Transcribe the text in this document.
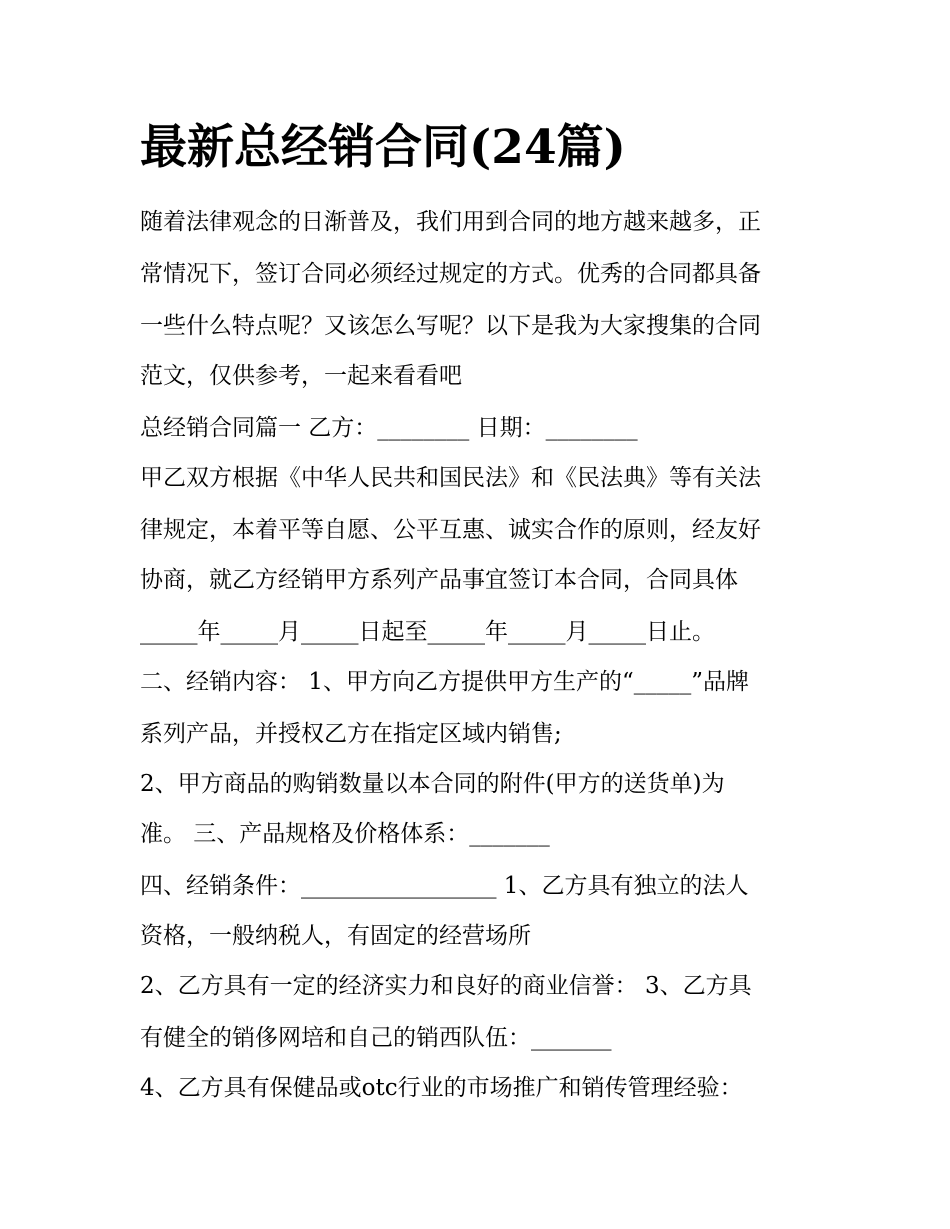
最新总经销合同(24篇)

随着法律观念的日渐普及，我们用到合同的地方越来越多，正

常情况下，签订合同必须经过规定的方式。优秀的合同都具备

一些什么特点呢？又该怎么写呢？以下是我为大家搜集的合同

范文，仅供参考，一起来看看吧

总经销合同篇一 乙方：________ 日期：________

甲乙双方根据《中华人民共和国民法》和《民法典》等有关法

律规定，本着平等自愿、公平互惠、诚实合作的原则，经友好

协商，就乙方经销甲方系列产品事宜签订本合同，合同具体

_____年_____月_____日起至_____年_____月_____日止。

二、经销内容： 1、甲方向乙方提供甲方生产的“_____”品牌

系列产品，并授权乙方在指定区域内销售;

2、甲方商品的购销数量以本合同的附件(甲方的送货单)为

准。 三、产品规格及价格体系：_______

四、经销条件：_________________ 1、乙方具有独立的法人

资格，一般纳税人，有固定的经营场所

2、乙方具有一定的经济实力和良好的商业信誉： 3、乙方具

有健全的销侈网培和自己的销西队伍：_______

4、乙方具有保健品或otc行业的市场推广和销传管理经验：
